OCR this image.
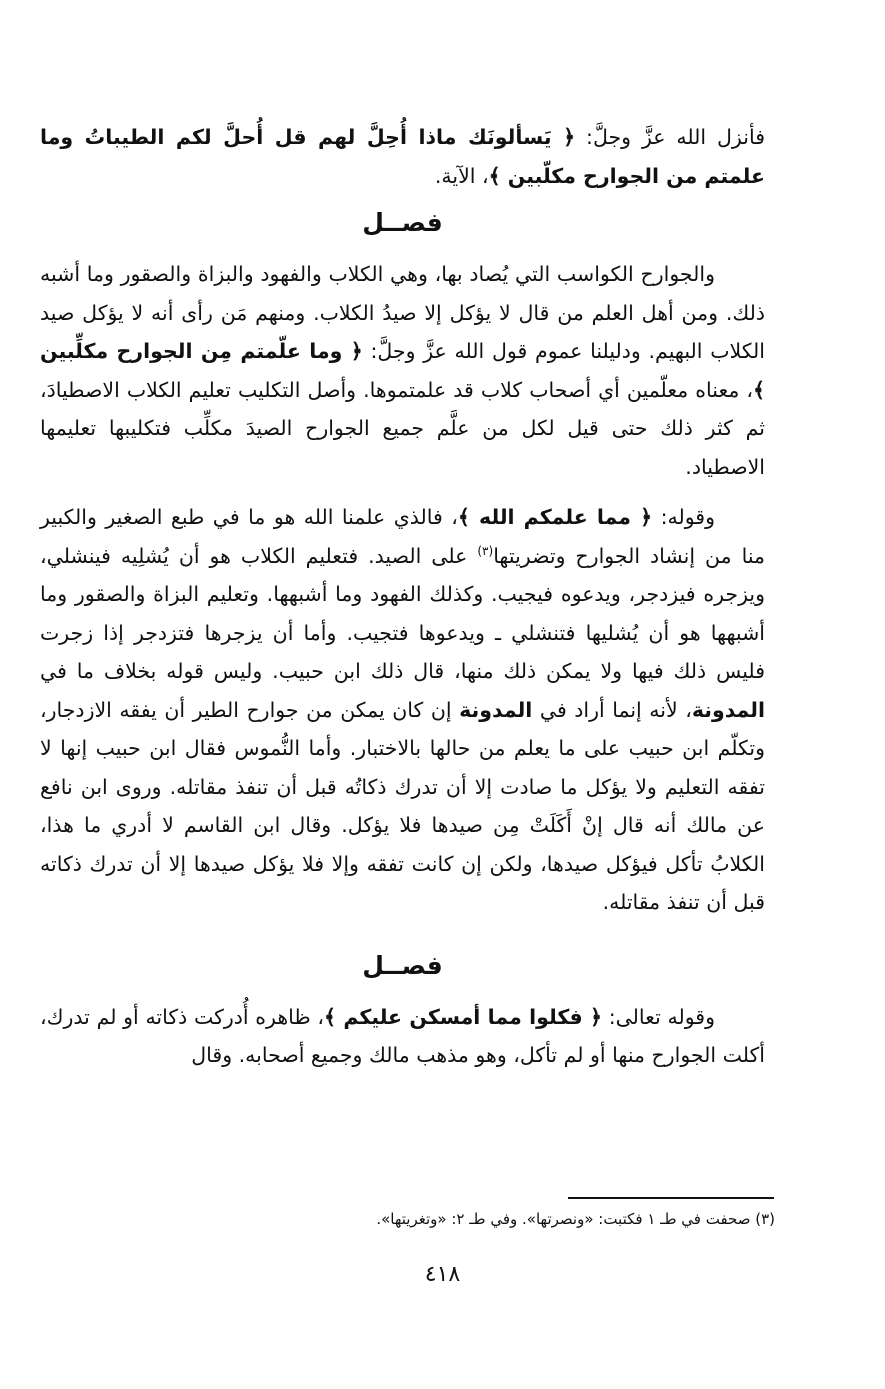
فأنزل الله عزَّ وجلَّ: ﴿ يَسألونَك ماذا أُحِلَّ لهم قل أُحلَّ لكم الطيباتُ وما علمتم من الجوارح مكلّبين ﴾، الآية.

فصــل

والجوارح الكواسب التي يُصاد بها، وهي الكلاب والفهود والبزاة والصقور وما أشبه ذلك. ومن أهل العلم من قال لا يؤكل إلا صيدُ الكلاب. ومنهم مَن رأى أنه لا يؤكل صيد الكلاب البهيم. ودليلنا عموم قول الله عزَّ وجلَّ: ﴿ وما علّمتم مِن الجوارح مكلِّبين ﴾، معناه معلّمين أي أصحاب كلاب قد علمتموها. وأصل التكليب تعليم الكلاب الاصطيادَ، ثم كثر ذلك حتى قيل لكل من علَّم جميع الجوارح الصيدَ مكلِّب فتكليبها تعليمها الاصطياد.

وقوله: ﴿ مما علمكم الله ﴾، فالذي علمنا الله هو ما في طبع الصغير والكبير منا من إنشاد الجوارح وتضريتها$^{(٣)}$ على الصيد. فتعليم الكلاب هو أن يُشلِيه فينشلي، ويزجره فيزدجر، ويدعوه فيجيب. وكذلك الفهود وما أشبهها. وتعليم البزاة والصقور وما أشبهها هو أن يُشليها فتنشلي ـ ويدعوها فتجيب. وأما أن يزجرها فتزدجر إذا زجرت فليس ذلك فيها ولا يمكن ذلك منها، قال ذلك ابن حبيب. وليس قوله بخلاف ما في المدونة، لأنه إنما أراد في المدونة إن كان يمكن من جوارح الطير أن يفقه الازدجار، وتكلّم ابن حبيب على ما يعلم من حالها بالاختبار. وأما النُّموس فقال ابن حبيب إنها لا تفقه التعليم ولا يؤكل ما صادت إلا أن تدرك ذكاتُه قبل أن تنفذ مقاتله. وروى ابن نافع عن مالك أنه قال إنْ أَكَلَتْ مِن صيدها فلا يؤكل. وقال ابن القاسم لا أدري ما هذا، الكلابُ تأكل فيؤكل صيدها، ولكن إن كانت تفقه وإلا فلا يؤكل صيدها إلا أن تدرك ذكاته قبل أن تنفذ مقاتله.

فصــل

وقوله تعالى: ﴿ فكلوا مما أمسكن عليكم ﴾، ظاهره أُدركت ذكاته أو لم تدرك، أكلت الجوارح منها أو لم تأكل، وهو مذهب مالك وجميع أصحابه. وقال

(٣) صحفت في طـ ١ فكتبت: «ونصرتها». وفي طـ ٢: «وتغريتها».
٤١٨
